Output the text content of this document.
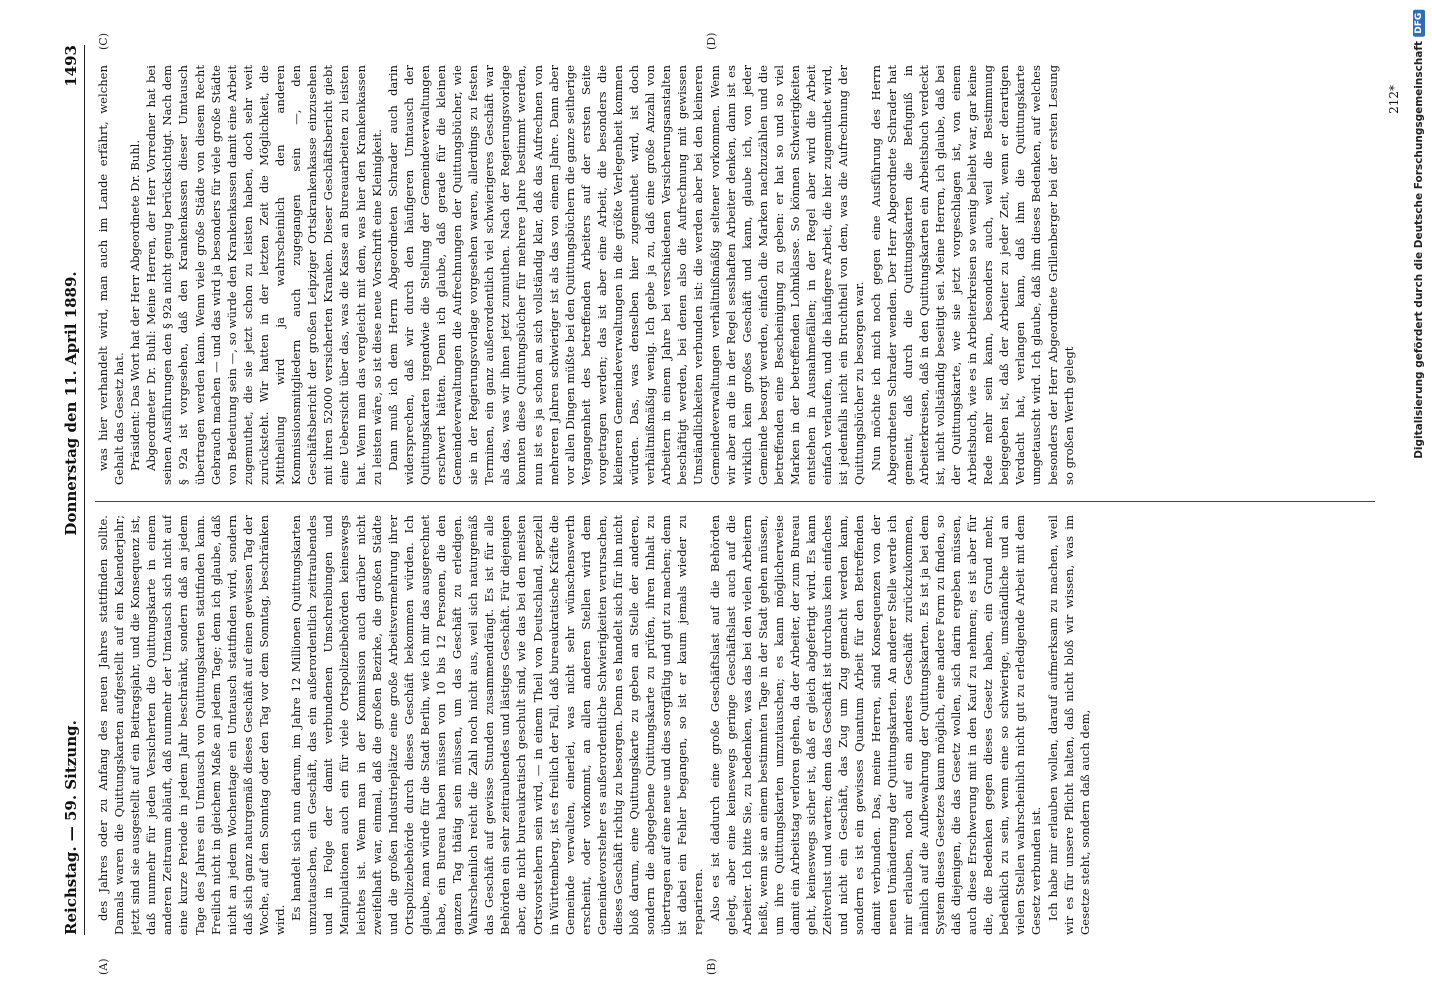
Reichstag. — 59. Sitzung.
Donnerstag den 11. April 1889.
1493
(A)	(B)
(C)	(D)

des Jahres oder zu Anfang des neuen Jahres stattfinden sollte. Damals waren die Quittungskarten aufgestellt auf ein Kalenderjahr; jetzt sind sie ausgestellt auf ein Beitragsjahr, und die Konsequenz ist, daß nunmehr für jeden Versicherten die Quittungskarte in einem anderen Zeitraum abläuft, daß nunmehr der Umtausch sich nicht auf eine kurze Periode in jedem Jahr beschränkt, sondern daß an jedem Tage des Jahres ein Umtausch von Quittungskarten stattfinden kann. Freilich nicht in gleichem Maße an jedem Tage; denn ich glaube, daß nicht an jedem Wochentage ein Umtausch stattfinden wird, sondern daß sich ganz naturgemäß dieses Geschäft auf einen gewissen Tag der Woche, auf den Sonntag oder den Tag vor dem Sonntag, beschränken wird. Es handelt sich nun darum, im Jahre 12 Millionen Quittungskarten umzutauschen, ein Geschäft, das ein außerordentlich zeitraubendes und in Folge der damit verbundenen Umschreibungen und Manipulationen auch ein für viele Ortspolizeibehörden keineswegs leichtes ist. Wenn man in der Kommission auch darüber nicht zweifelhaft war, einmal, daß die großen Bezirke, die großen Städte und die großen Industrieplätze eine große Arbeitsvermehrung ihrer Ortspolizeibehörde durch dieses Geschäft bekommen würden. Ich glaube, man würde für die Stadt Berlin, wie ich mir das ausgerechnet habe, ein Bureau haben müssen von 10 bis 12 Personen, die den ganzen Tag thätig sein müssen, um das Geschäft zu erledigen. Wahrscheinlich reicht die Zahl noch nicht aus, weil sich naturgemäß das Geschäft auf gewisse Stunden zusammendrängt. Es ist für alle Behörden ein sehr zeitraubendes und lästiges Geschäft. Für diejenigen aber, die nicht bureaukratisch geschult sind, wie das bei den meisten Ortsvorstehern sein wird, — in einem Theil von Deutschland, speziell in Württemberg, ist es freilich der Fall, daß bureaukratische Kräfte die Gemeinde verwalten, einerlei, was nicht sehr wünschenswerth erscheint, oder vorkommt, an allen anderen Stellen wird dem Gemeindevorsteher es außerordentliche Schwierigkeiten verursachen, dieses Geschäft richtig zu besorgen. Denn es handelt sich für ihn nicht bloß darum, eine Quittungskarte zu geben an Stelle der anderen, sondern die abgegebene Quittungskarte zu prüfen, ihren Inhalt zu übertragen auf eine neue und dies sorgfältig und gut zu machen; denn ist dabei ein Fehler begangen, so ist er kaum jemals wieder zu reparieren. Also es ist dadurch eine große Geschäftslast auf die Behörden gelegt, aber eine keineswegs geringe Geschäftslast auch auf die Arbeiter. Ich bitte Sie, zu bedenken, was das bei den vielen Arbeitern heißt, wenn sie an einem bestimmten Tage in der Stadt gehen müssen, um ihre Quittungskarten umzutauschen; es kann möglicherweise damit ein Arbeitstag verloren gehen, da der Arbeiter, der zum Bureau geht, keineswegs sicher ist, daß er gleich abgefertigt wird. Es kann Zeitverlust und warten; denn das Geschäft ist durchaus kein einfaches und nicht ein Geschäft, das Zug um Zug gemacht werden kann, sondern es ist ein gewisses Quantum Arbeit für den Betreffenden damit verbunden. Das, meine Herren, sind Konsequenzen von der neuen Umänderung der Quittungskarten. An anderer Stelle werde ich mir erlauben, noch auf ein anderes Geschäft zurückzukommen, nämlich auf die Aufbewahrung der Quittungskarten. Es ist ja bei dem System dieses Gesetzes kaum möglich, eine andere Form zu finden, so daß diejenigen, die das Gesetz wollen, sich darin ergeben müssen, auch diese Erschwerung mit in den Kauf zu nehmen; es ist aber für die, die Bedenken gegen dieses Gesetz haben, ein Grund mehr, bedenklich zu sein, wenn eine so schwierige, umständliche und an vielen Stellen wahrscheinlich nicht gut zu erledigende Arbeit mit dem Gesetz verbunden ist. Ich habe mir erlauben wollen, darauf aufmerksam zu machen, weil wir es für unsere Pflicht halten, daß nicht bloß wir wissen, was im Gesetze steht, sondern daß auch dem,

was hier verhandelt wird, man auch im Lande erfährt, welchen Gehalt das Gesetz hat. Präsident: Das Wort hat der Herr Abgeordnete Dr. Buhl. Abgeordneter Dr. Buhl: Meine Herren, der Herr Vorredner hat bei seinen Ausführungen den § 92a nicht genug berücksichtigt. Nach dem § 92a ist vorgesehen, daß den Krankenkassen dieser Umtausch übertragen werden kann. Wenn viele große Städte von diesem Recht Gebrauch machen — und das wird ja besonders für viele große Städte von Bedeutung sein —, so würde den Krankenkassen damit eine Arbeit zugemuthet, die sie jetzt schon zu leisten haben, doch sehr weit zurücksteht. Wir hatten in der letzten Zeit die Möglichkeit, die Mittheilung wird ja wahrscheinlich den anderen Kommissionsmitgliedern auch zugegangen sein —, den Geschäftsbericht der großen Leipziger Ortskrankenkasse einzusehen mit ihren 52000 versicherten Kranken. Dieser Geschäftsbericht giebt eine Uebersicht über das, was die Kasse an Bureauarbeiten zu leisten hat. Wenn man das vergleicht mit dem, was hier den Krankenkassen zu leisten wäre, so ist diese neue Vorschrift eine Kleinigkeit. Dann muß ich dem Herrn Abgeordneten Schrader auch darin widersprechen, daß wir durch den häufigeren Umtausch der Quittungskarten irgendwie die Stellung der Gemeindeverwaltungen erschwert hätten. Denn ich glaube, daß gerade für die kleinen Gemeindeverwaltungen die Aufrechnungen der Quittungsbücher, wie sie in der Regierungsvorlage vorgesehen waren, allerdings zu festen Terminen, ein ganz außerordentlich viel schwierigeres Geschäft war als das, was wir ihnen jetzt zumuthen. Nach der Regierungsvorlage konnten diese Quittungsbücher für mehrere Jahre bestimmt werden, nun ist es ja schon an sich vollständig klar, daß das Aufrechnen von mehreren Jahren schwieriger ist als das von einem Jahre. Dann aber vor allen Dingen müßte bei den Quittungsbüchern die ganze seitherige Vergangenheit des betreffenden Arbeiters auf der ersten Seite vorgetragen werden; das ist aber eine Arbeit, die besonders die kleineren Gemeindeverwaltungen in die größte Verlegenheit kommen würden. Das, was denselben hier zugemuthet wird, ist doch verhältnißmäßig wenig. Ich gebe ja zu, daß eine große Anzahl von Arbeitern in einem Jahre bei verschiedenen Versicherungsanstalten beschäftigt werden, bei denen also die Aufrechnung mit gewissen Umständlichkeiten verbunden ist: die werden aber bei den kleineren Gemeindeverwaltungen verhältnißmäßig seltener vorkommen. Wenn wir aber an die in der Regel sesshaften Arbeiter denken, dann ist es wirklich kein großes Geschäft und kann, glaube ich, von jeder Gemeinde besorgt werden, einfach die Marken nachzuzählen und die betreffenden eine Bescheinigung zu geben: er hat so und so viel Marken in der betreffenden Lohnklasse. So können Schwierigkeiten entstehen in Ausnahmefällen; in der Regel aber wird die Arbeit einfach verlaufen, und die häufigere Arbeit, die hier zugemuthet wird, ist jedenfalls nicht ein Bruchtheil von dem, was die Aufrechnung der Quittungsbücher zu besorgen war. Nun möchte ich mich noch gegen eine Ausführung des Herrn Abgeordneten Schrader wenden. Der Herr Abgeordnete Schrader hat gemeint, daß durch die Quittungskarten die Befugniß in Arbeiterkreisen, daß in den Quittungskarten ein Arbeitsbuch verdeckt ist, nicht vollständig beseitigt sei. Meine Herren, ich glaube, daß bei der Quittungskarte, wie sie jetzt vorgeschlagen ist, von einem Arbeitsbuch, wie es in Arbeiterkreisen so wenig beliebt war, gar keine Rede mehr sein kann, besonders auch, weil die Bestimmung beigegeben ist, daß der Arbeiter zu jeder Zeit, wenn er derartigen Verdacht hat, verlangen kann, daß ihm die Quittungskarte umgetauscht wird. Ich glaube, daß ihm dieses Bedenken, auf welches besonders der Herr Abgeordnete Grillenberger bei der ersten Lesung so großen Werth gelegt

212* Digitalisierung gefördert durch die Deutsche Forschungsgemeinschaft
DFG
